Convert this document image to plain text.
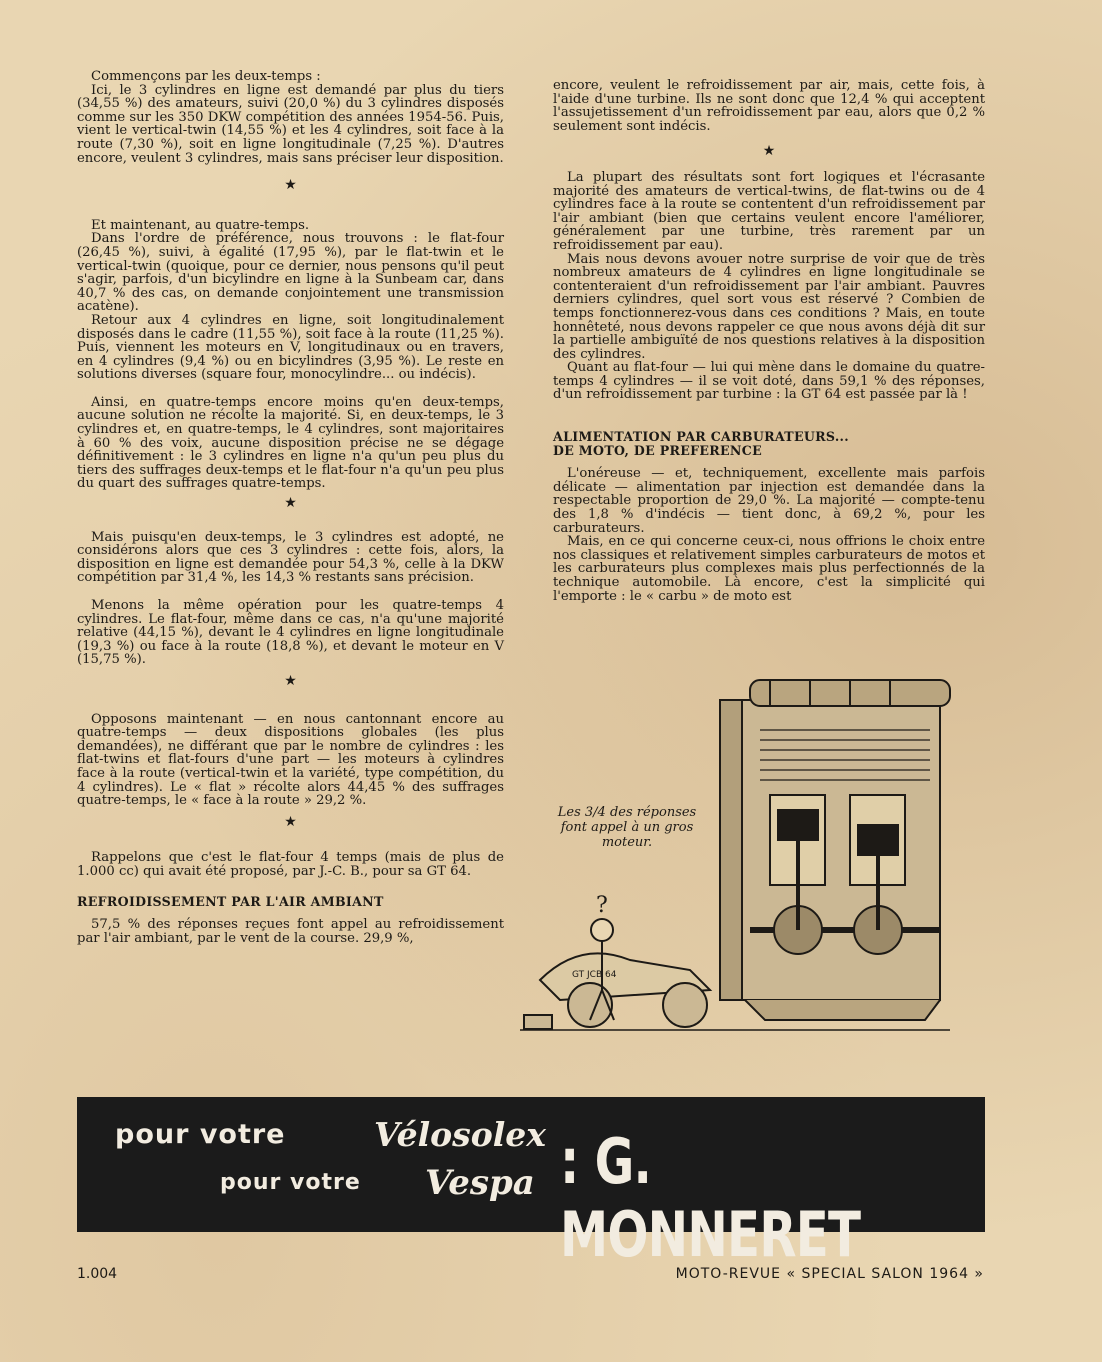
Commençons par les deux-temps :

Ici, le 3 cylindres en ligne est demandé par plus du tiers (34,55 %) des amateurs, suivi (20,0 %) du 3 cylindres disposés comme sur les 350 DKW compétition des années 1954-56. Puis, vient le vertical-twin (14,55 %) et les 4 cylindres, soit face à la route (7,30 %), soit en ligne longitudinale (7,25 %). D'autres encore, veulent 3 cylindres, mais sans préciser leur disposition.

★

Et maintenant, au quatre-temps.

Dans l'ordre de préférence, nous trouvons : le flat-four (26,45 %), suivi, à égalité (17,95 %), par le flat-twin et le vertical-twin (quoique, pour ce dernier, nous pensons qu'il peut s'agir, parfois, d'un bicylindre en ligne à la Sunbeam car, dans 40,7 % des cas, on demande conjointement une transmission acatène).

Retour aux 4 cylindres en ligne, soit longitudinalement disposés dans le cadre (11,55 %), soit face à la route (11,25 %). Puis, viennent les moteurs en V, longitudinaux ou en travers, en 4 cylindres (9,4 %) ou en bicylindres (3,95 %). Le reste en solutions diverses (square four, monocylindre... ou indécis).

Ainsi, en quatre-temps encore moins qu'en deux-temps, aucune solution ne récolte la majorité. Si, en deux-temps, le 3 cylindres et, en quatre-temps, le 4 cylindres, sont majoritaires à 60 % des voix, aucune disposition précise ne se dégage définitivement : le 3 cylindres en ligne n'a qu'un peu plus du tiers des suffrages deux-temps et le flat-four n'a qu'un peu plus du quart des suffrages quatre-temps.

★

Mais puisqu'en deux-temps, le 3 cylindres est adopté, ne considérons alors que ces 3 cylindres : cette fois, alors, la disposition en ligne est demandée pour 54,3 %, celle à la DKW compétition par 31,4 %, les 14,3 % restants sans précision.

Menons la même opération pour les quatre-temps 4 cylindres. Le flat-four, même dans ce cas, n'a qu'une majorité relative (44,15 %), devant le 4 cylindres en ligne longitudinale (19,3 %) ou face à la route (18,8 %), et devant le moteur en V (15,75 %).

★

Opposons maintenant — en nous cantonnant encore au quatre-temps — deux dispositions globales (les plus demandées), ne différant que par le nombre de cylindres : les flat-twins et flat-fours d'une part — les moteurs à cylindres face à la route (vertical-twin et la variété, type compétition, du 4 cylindres). Le « flat » récolte alors 44,45 % des suffrages quatre-temps, le « face à la route » 29,2 %.

★

Rappelons que c'est le flat-four 4 temps (mais de plus de 1.000 cc) qui avait été proposé, par J.-C. B., pour sa GT 64.

REFROIDISSEMENT PAR L'AIR AMBIANT

57,5 % des réponses reçues font appel au refroidissement par l'air ambiant, par le vent de la course. 29,9 %,

encore, veulent le refroidissement par air, mais, cette fois, à l'aide d'une turbine. Ils ne sont donc que 12,4 % qui acceptent l'assujetissement d'un refroidissement par eau, alors que 0,2 % seulement sont indécis.

★

La plupart des résultats sont fort logiques et l'écrasante majorité des amateurs de vertical-twins, de flat-twins ou de 4 cylindres face à la route se contentent d'un refroidissement par l'air ambiant (bien que certains veulent encore l'améliorer, généralement par une turbine, très rarement par un refroidissement par eau).

Mais nous devons avouer notre surprise de voir que de très nombreux amateurs de 4 cylindres en ligne longitudinale se contenteraient d'un refroidissement par l'air ambiant. Pauvres derniers cylindres, quel sort vous est réservé ? Combien de temps fonctionnerez-vous dans ces conditions ? Mais, en toute honnêteté, nous devons rappeler ce que nous avons déjà dit sur la partielle ambiguïté de nos questions relatives à la disposition des cylindres.

Quant au flat-four — lui qui mène dans le domaine du quatre-temps 4 cylindres — il se voit doté, dans 59,1 % des réponses, d'un refroidissement par turbine : la GT 64 est passée par là !

ALIMENTATION PAR CARBURATEURS...
DE MOTO, DE PREFERENCE

L'onéreuse — et, techniquement, excellente mais parfois délicate — alimentation par injection est demandée dans la respectable proportion de 29,0 %. La majorité — compte-tenu des 1,8 % d'indécis — tient donc, à 69,2 %, pour les carburateurs.

Mais, en ce qui concerne ceux-ci, nous offrions le choix entre nos classiques et relativement simples carburateurs de motos et les carburateurs plus complexes mais plus perfectionnés de la technique automobile. Là encore, c'est la simplicité qui l'emporte : le « carbu » de moto est

Les 3/4 des réponses font appel à un gros moteur.
?
GT JCB 64
pour votre	Vélosolex
pour votre Vespa : G. MONNERET
1.004	MOTO-REVUE « SPECIAL SALON 1964 »
